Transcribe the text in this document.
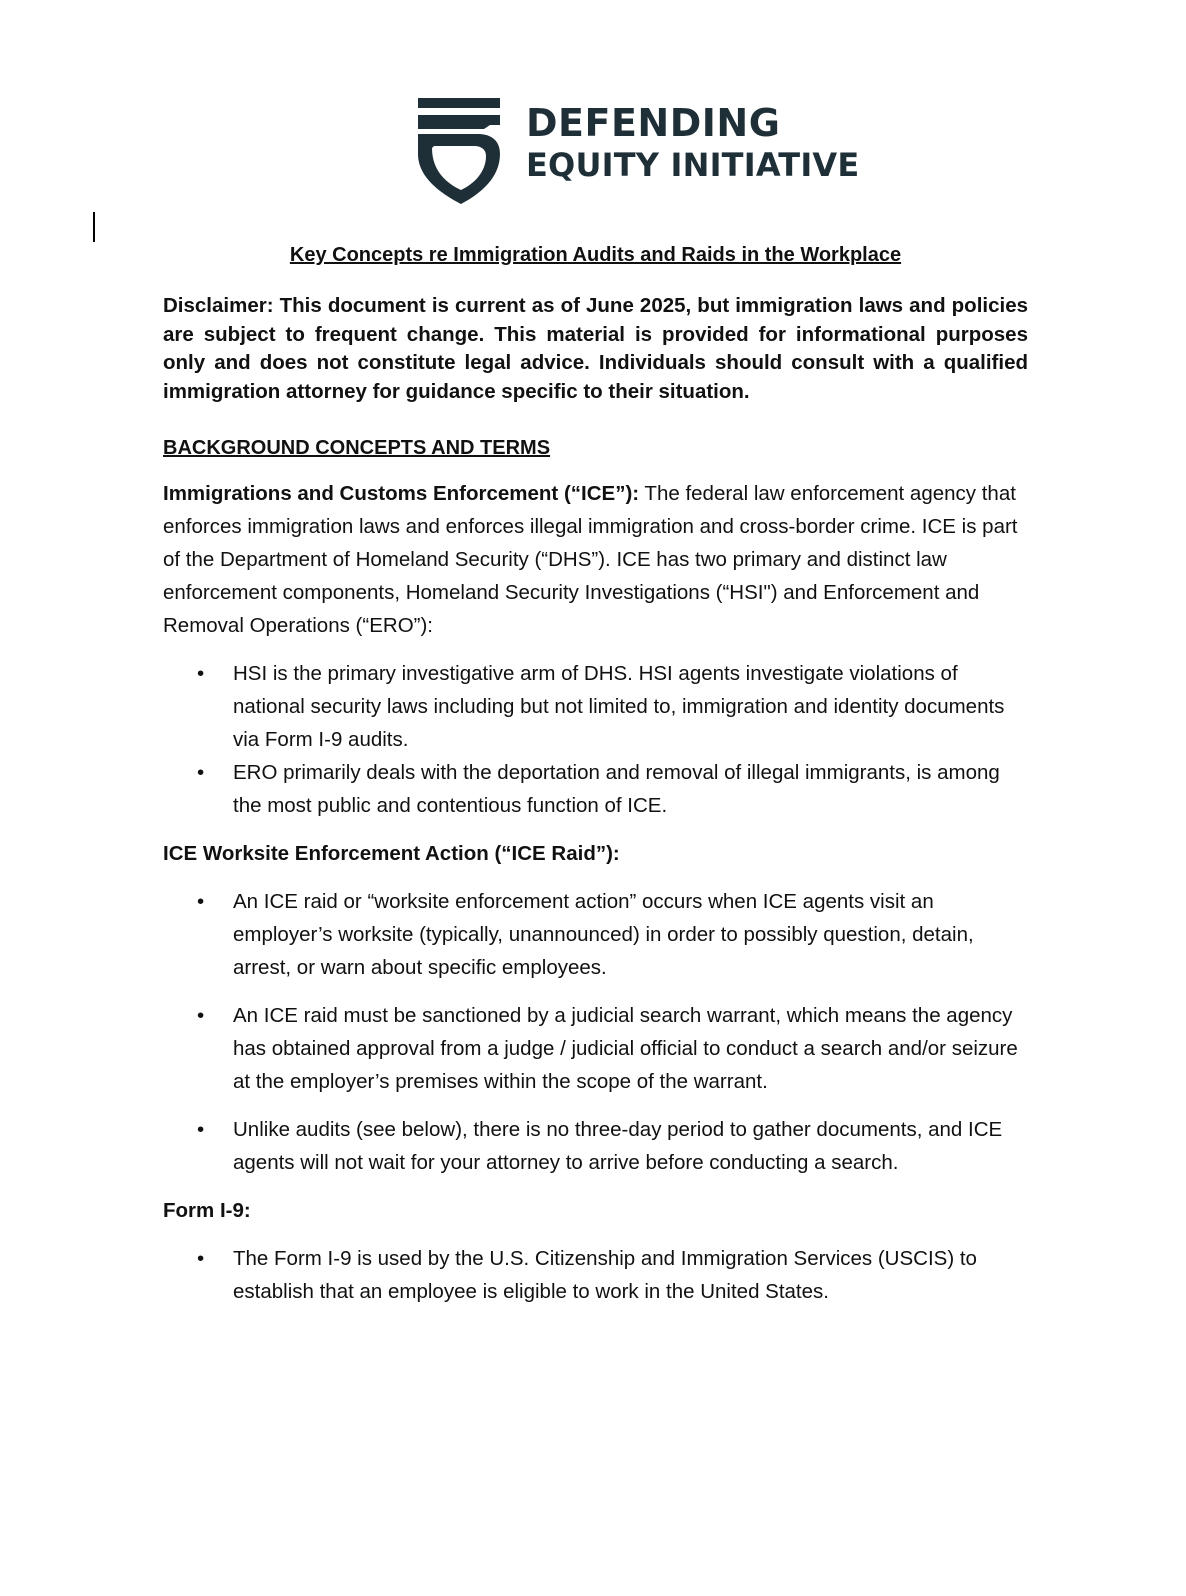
DEFENDING
EQUITY INITIATIVE
Key Concepts re Immigration Audits and Raids in the Workplace
Disclaimer: This document is current as of June 2025, but immigration laws and policies are subject to frequent change. This material is provided for informational purposes only and does not constitute legal advice. Individuals should consult with a qualified immigration attorney for guidance specific to their situation.
BACKGROUND CONCEPTS AND TERMS
Immigrations and Customs Enforcement (“ICE”): The federal law enforcement agency that enforces immigration laws and enforces illegal immigration and cross-border crime. ICE is part of the Department of Homeland Security (“DHS”). ICE has two primary and distinct law enforcement components, Homeland Security Investigations (“HSI") and Enforcement and Removal Operations (“ERO”):
• HSI is the primary investigative arm of DHS. HSI agents investigate violations of national security laws including but not limited to, immigration and identity documents via Form I-9 audits.
• ERO primarily deals with the deportation and removal of illegal immigrants, is among the most public and contentious function of ICE.
ICE Worksite Enforcement Action (“ICE Raid”):
• An ICE raid or “worksite enforcement action” occurs when ICE agents visit an employer’s worksite (typically, unannounced) in order to possibly question, detain, arrest, or warn about specific employees.
• An ICE raid must be sanctioned by a judicial search warrant, which means the agency has obtained approval from a judge / judicial official to conduct a search and/or seizure at the employer’s premises within the scope of the warrant.
• Unlike audits (see below), there is no three-day period to gather documents, and ICE agents will not wait for your attorney to arrive before conducting a search.
Form I-9:
• The Form I-9 is used by the U.S. Citizenship and Immigration Services (USCIS) to establish that an employee is eligible to work in the United States.
